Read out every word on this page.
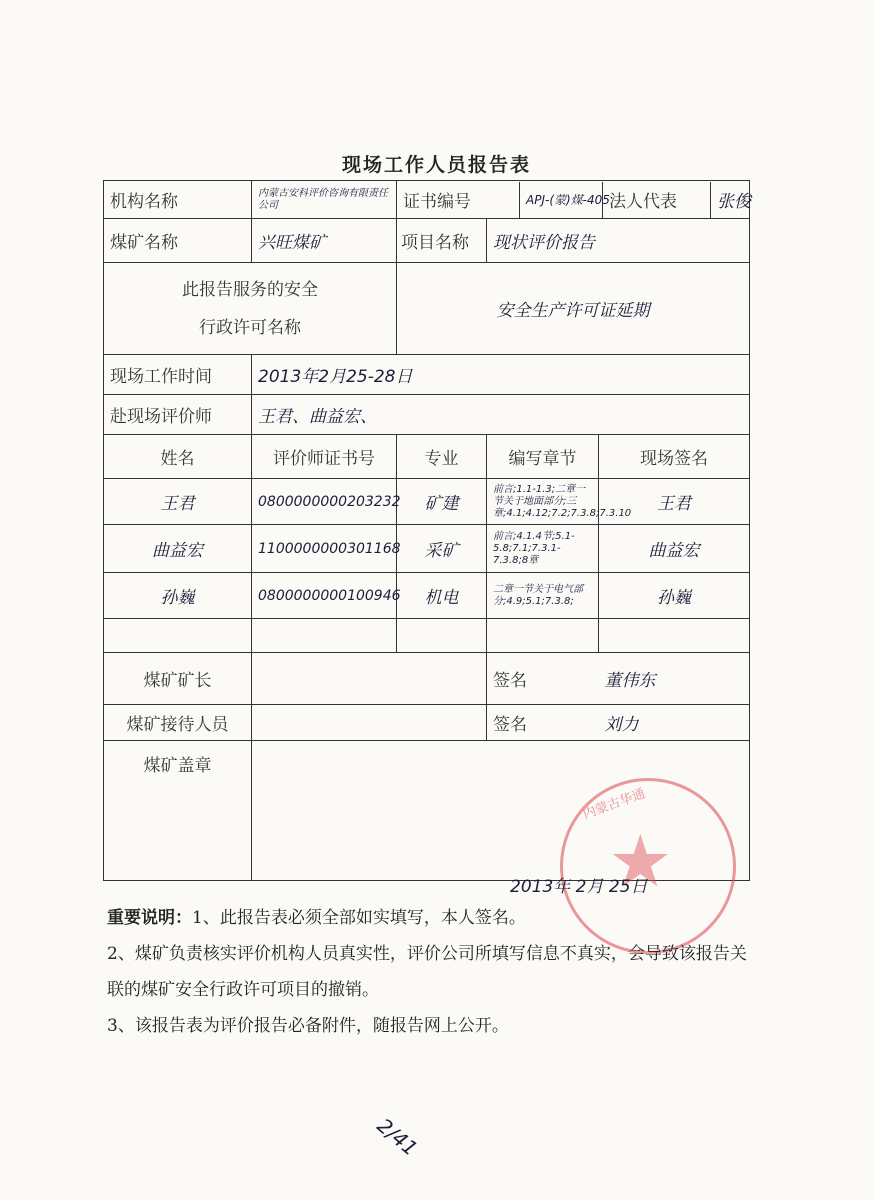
现场工作人员报告表
机构名称	内蒙古安科评价咨询有限责任公司		证书编号	APJ-(蒙)煤-405	法人代表	张俊

煤矿名称	兴旺煤矿	项目名称	现状评价报告

此报告服务的安全
行政许可名称
	安全生产许可证延期
现场工作时间	2013年2月25-28日
赴现场评价师	王君、曲益宏、
姓名	评价师证书号	专业	编写章节	现场签名
王君	0800000000203232	矿建	前言;1.1-1.3;二章一节关于地面部分;三章;4.1;4.12;7.2;7.3.8;7.3.10	王君
曲益宏	1100000000301168	采矿	前言;4.1.4节;5.1-5.8;7.1;7.3.1-7.3.8;8章	曲益宏
孙巍	0800000000100946	机电	二章一节关于电气部分;4.9;5.1;7.3.8;	孙巍

煤矿矿长		签名	董伟东
煤矿接待人员		签名	刘力
煤矿盖章	
内蒙古华通
★
2013年 2月 25日

重要说明：1、此报告表必须全部如实填写，本人签名。

2、煤矿负责核实评价机构人员真实性，评价公司所填写信息不真实，会导致该报告关联的煤矿安全行政许可项目的撤销。

3、该报告表为评价报告必备附件，随报告网上公开。

2/41
